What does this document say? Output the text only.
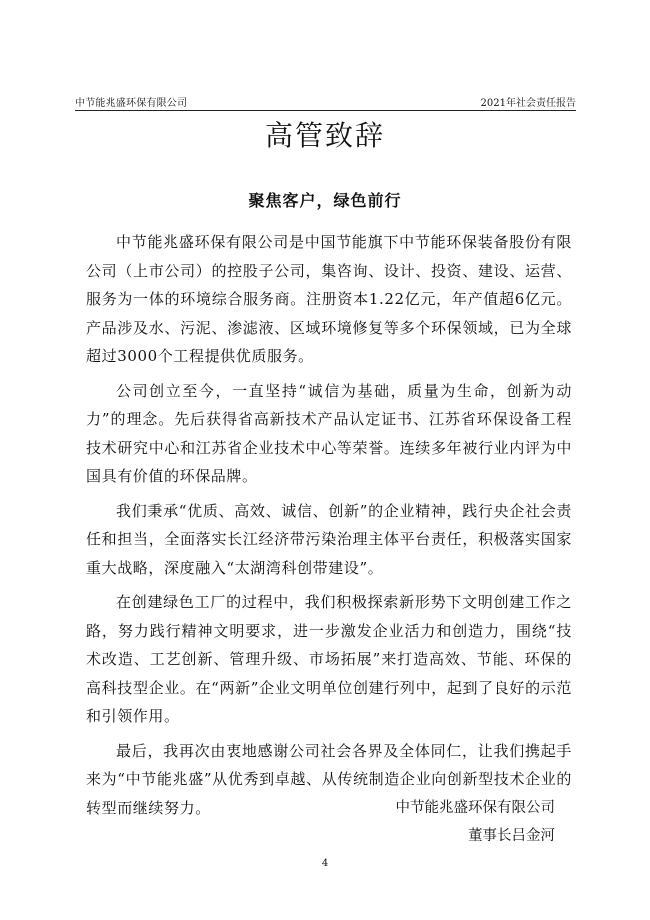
中节能兆盛环保有限公司	2021年社会责任报告
高管致辞
聚焦客户，绿色前行

中节能兆盛环保有限公司是中国节能旗下中节能环保装备股份有限公司（上市公司）的控股子公司，集咨询、设计、投资、建设、运营、服务为一体的环境综合服务商。注册资本1.22亿元，年产值超6亿元。产品涉及水、污泥、渗滤液、区域环境修复等多个环保领域，已为全球超过3000个工程提供优质服务。

公司创立至今，一直坚持“诚信为基础，质量为生命，创新为动力”的理念。先后获得省高新技术产品认定证书、江苏省环保设备工程技术研究中心和江苏省企业技术中心等荣誉。连续多年被行业内评为中国具有价值的环保品牌。

我们秉承“优质、高效、诚信、创新”的企业精神，践行央企社会责任和担当，全面落实长江经济带污染治理主体平台责任，积极落实国家重大战略，深度融入“太湖湾科创带建设”。

在创建绿色工厂的过程中，我们积极探索新形势下文明创建工作之路，努力践行精神文明要求，进一步激发企业活力和创造力，围绕“技术改造、工艺创新、管理升级、市场拓展”来打造高效、节能、环保的高科技型企业。在“两新”企业文明单位创建行列中，起到了良好的示范和引领作用。

最后，我再次由衷地感谢公司社会各界及全体同仁，让我们携起手来为“中节能兆盛”从优秀到卓越、从传统制造企业向创新型技术企业的转型而继续努力。	中节能兆盛环保有限公司
董事长吕金河
4
